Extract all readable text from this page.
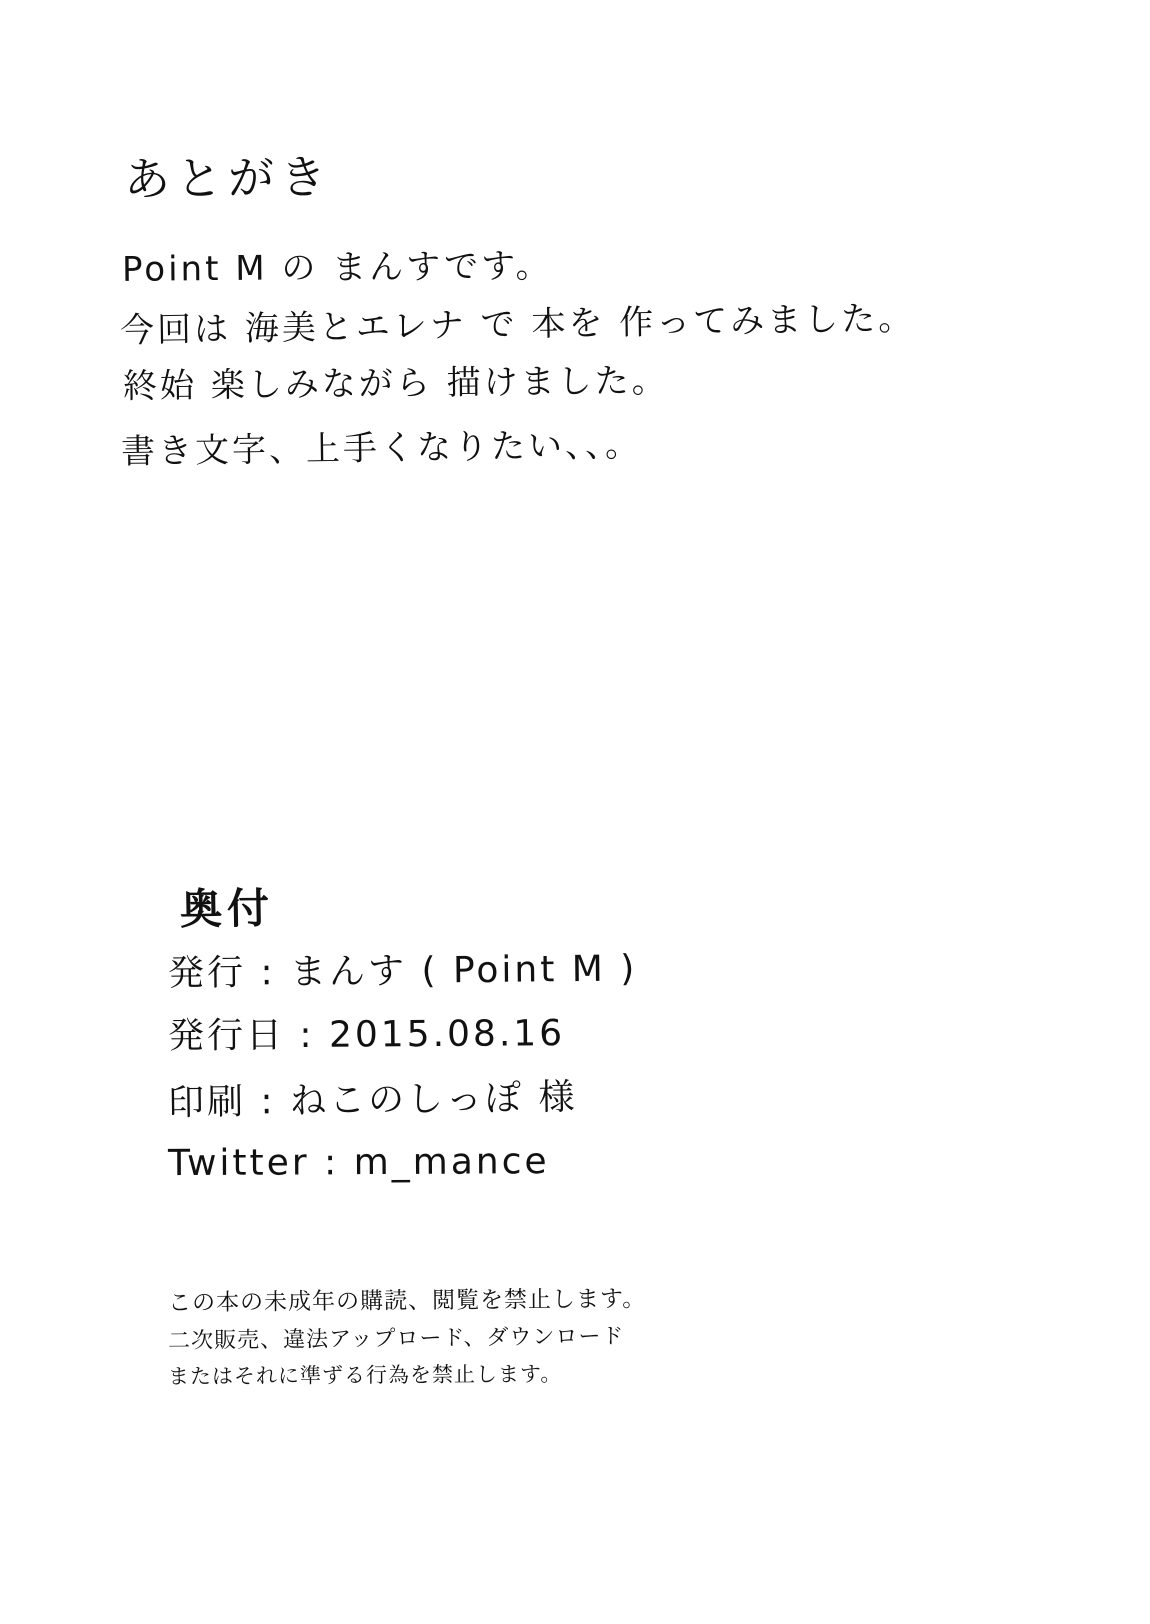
あとがき
Point M の まんすです。
今回は 海美とエレナ で 本を 作ってみました。
終始 楽しみながら 描けました。
書き文字、上手くなりたい、、。
奥付
発行 : まんす ( Point M )
発行日 : 2015.08.16
印刷 : ねこのしっぽ 様
Twitter : m_mance

この本の未成年の購読、閲覧を禁止します。

二次販売、違法アップロード、ダウンロード

またはそれに準ずる行為を禁止します。
